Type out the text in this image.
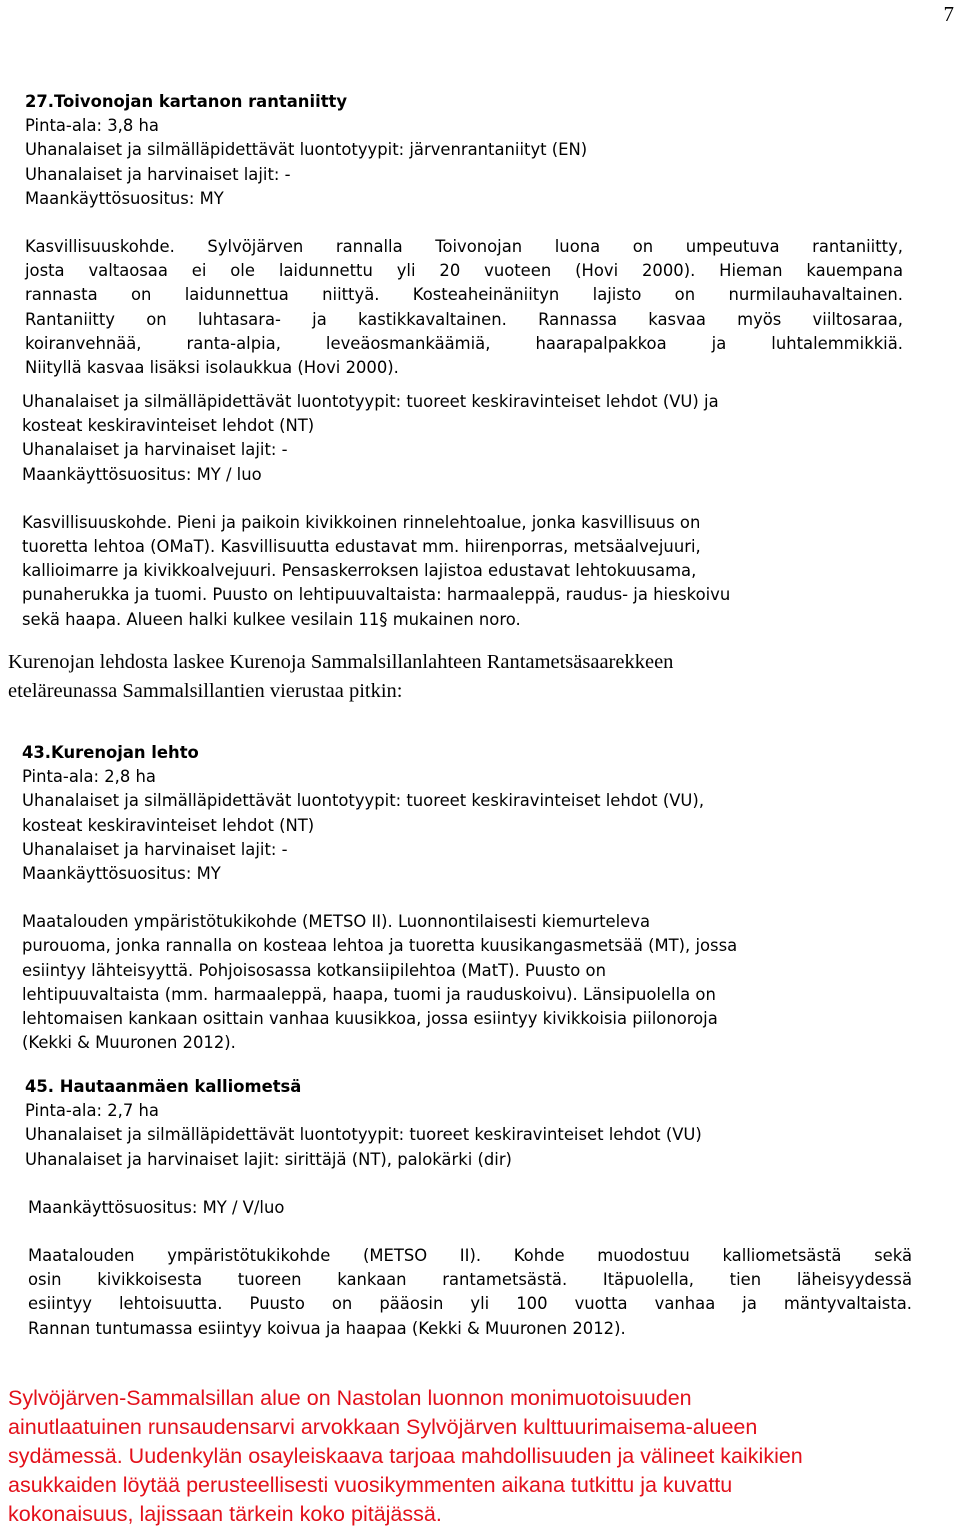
7
27.Toivonojan kartanon rantaniitty
Pinta-ala: 3,8 ha
Uhanalaiset ja silmälläpidettävät luontotyypit: järvenrantaniityt (EN)
Uhanalaiset ja harvinaiset lajit: -
Maankäyttösuositus: MY
Kasvillisuuskohde. Sylvöjärven rannalla Toivonojan luona on umpeutuva rantaniitty,
josta valtaosaa ei ole laidunnettu yli 20 vuoteen (Hovi 2000). Hieman kauempana
rannasta on laidunnettua niittyä. Kosteaheinäniityn lajisto on nurmilauhavaltainen.
Rantaniitty on luhtasara- ja kastikkavaltainen. Rannassa kasvaa myös viiltosaraa,
koiranvehnää, ranta-alpia, leveäosmankäämiä, haarapalpakkoa ja luhtalemmikkiä.
Niityllä kasvaa lisäksi isolaukkua (Hovi 2000).
Uhanalaiset ja silmälläpidettävät luontotyypit: tuoreet keskiravinteiset lehdot (VU) ja
kosteat keskiravinteiset lehdot (NT)
Uhanalaiset ja harvinaiset lajit: -
Maankäyttösuositus: MY / luo
Kasvillisuuskohde. Pieni ja paikoin kivikkoinen rinnelehtoalue, jonka kasvillisuus on
tuoretta lehtoa (OMaT). Kasvillisuutta edustavat mm. hiirenporras, metsäalvejuuri,
kallioimarre ja kivikkoalvejuuri. Pensaskerroksen lajistoa edustavat lehtokuusama,
punaherukka ja tuomi. Puusto on lehtipuuvaltaista: harmaaleppä, raudus- ja hieskoivu
sekä haapa. Alueen halki kulkee vesilain 11§ mukainen noro.
Kurenojan lehdosta laskee Kurenoja Sammalsillanlahteen Rantametsäsaarekkeen
eteläreunassa Sammalsillantien vierustaa pitkin:
43.Kurenojan lehto
Pinta-ala: 2,8 ha
Uhanalaiset ja silmälläpidettävät luontotyypit: tuoreet keskiravinteiset lehdot (VU),
kosteat keskiravinteiset lehdot (NT)
Uhanalaiset ja harvinaiset lajit: -
Maankäyttösuositus: MY
Maatalouden ympäristötukikohde (METSO II). Luonnontilaisesti kiemurteleva
purouoma, jonka rannalla on kosteaa lehtoa ja tuoretta kuusikangasmetsää (MT), jossa
esiintyy lähteisyyttä. Pohjoisosassa kotkansiipilehtoa (MatT). Puusto on
lehtipuuvaltaista (mm. harmaaleppä, haapa, tuomi ja rauduskoivu). Länsipuolella on
lehtomaisen kankaan osittain vanhaa kuusikkoa, jossa esiintyy kivikkoisia piilonoroja
(Kekki & Muuronen 2012).
45. Hautaanmäen kalliometsä
Pinta-ala: 2,7 ha
Uhanalaiset ja silmälläpidettävät luontotyypit: tuoreet keskiravinteiset lehdot (VU)
Uhanalaiset ja harvinaiset lajit: sirittäjä (NT), palokärki (dir)
Maankäyttösuositus: MY / V/luo
Maatalouden ympäristötukikohde (METSO II). Kohde muodostuu kalliometsästä sekä
osin kivikkoisesta tuoreen kankaan rantametsästä. Itäpuolella, tien läheisyydessä
esiintyy lehtoisuutta. Puusto on pääosin yli 100 vuotta vanhaa ja mäntyvaltaista.
Rannan tuntumassa esiintyy koivua ja haapaa (Kekki & Muuronen 2012).
Sylvöjärven-Sammalsillan alue on Nastolan luonnon monimuotoisuuden
ainutlaatuinen runsaudensarvi arvokkaan Sylvöjärven kulttuurimaisema-alueen
sydämessä. Uudenkylän osayleiskaava tarjoaa mahdollisuuden ja välineet kaikikien
asukkaiden löytää perusteellisesti vuosikymmenten aikana tutkittu ja kuvattu
kokonaisuus, lajissaan tärkein koko pitäjässä.
